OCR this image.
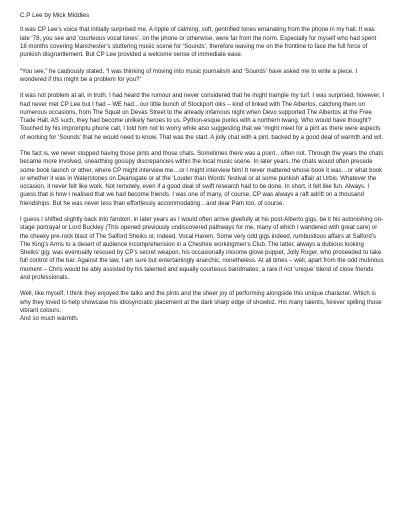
C.P Lee by Mick Middles
It was CP Lee’s voice that initially surprised me. A ripple of calming, soft, gentrified tones emanating from the phone in my hall. It was late ‘78, you see and ‘courteous vocal tones’, on the phone or otherwise, were far from the norm. Especially for myself who had spent 18 months covering Manchester’s stuttering music scene for ‘Sounds’, therefore leaving me on the frontline to face the full force of punkish disgruntlement. But CP Lee provided a welcome sense of immediate ease.
“You see,” he cautiously stated, “I was thinking of moving into music journalism and ‘Sounds’ have asked me to write a piece. I wondered if this might be a problem for you?”
It was not problem at all, in truth. I had heard the rumour and never considered that he might trample my turf. I was surprised, however, I had never met CP Lee but I had – WE had…our little bunch of Stockport oiks – kind of linked with The Albertos, catching them on numerous occasions, from The Squat on Devas Street to the already infamous night when Devo supported The Albertos at the Free Trade Hall. AS such, they had become unlikely heroes to us. Python-esque punks with a northern twang. Who would have thought?
Touched by his impromptu phone call, I told him not to worry while also suggesting that we ‘might meet for a pint as there were aspects of working for ‘Sounds’ that he would need to know. That was the start. A jolly chat with a pint, backed by a good deal of warmth and wit.
The fact is, we never stopped having those pints and those chats. Sometimes there was a point…often not. Through the years the chats became more involved, unearthing gossipy discrepancies within the local music scene. In later years, the chats would often precede some book launch or other, where CP might interview me…or I might interview him! It never mattered whose book it was…or what book or whether it was in Waterstones on Deansgate or at the ‘Louder than Words’ festival or at some punkish affair at Urbis. Whatever the occasion, it never felt like work. Not remotely, even if a good deal of swift research had to be done. In short, it felt like fun. Always. I guess that is how I realised that we had become friends. I was one of many, of course, CP was always a raft adrift on a thousand friendships. But he was never less than effortlessly accommodating…and dear Pam too, of course.
I guess I shifted slightly back into fandom, in later years as I would often arrive gleefully at his post-Alberto gigs, be it his astonishing on-stage portrayal or Lord Buckley (This opened previously undiscovered pathways for me, many of which I wandered with great care) or the cheeky pre-rock blast of The Salford Sheiks or, indeed, Vocal Harem. Some very odd gigs indeed, rumbustious affairs at Salford’s The King’s Arms to a desert of audience incomprehension in a Cheshire workingmen’s Club. The latter, always a dubious looking Sheiks’ gig, was eventually rescued by CP’s secret weapon, his occasionally irksome glove puppet, Jolly Roger, who proceeded to take full control of the bar. Against the law, I am sure but entertainingly anarchic, nonetheless. At all times – well, apart from the odd mutinous moment – Chris would be ably assisted by his talented and equally courteous bandmates; a rare if not ‘unique’ blend of close friends and professionals.
Well, like myself, I think they enjoyed the talks and the pints and the sheer joy of performing alongside this unique character. Which is why they loved to help showcase his idiosyncratic placement at the dark sharp edge of showbiz. His many talents, forever spilling those vibrant colours.
And so much warmth.
